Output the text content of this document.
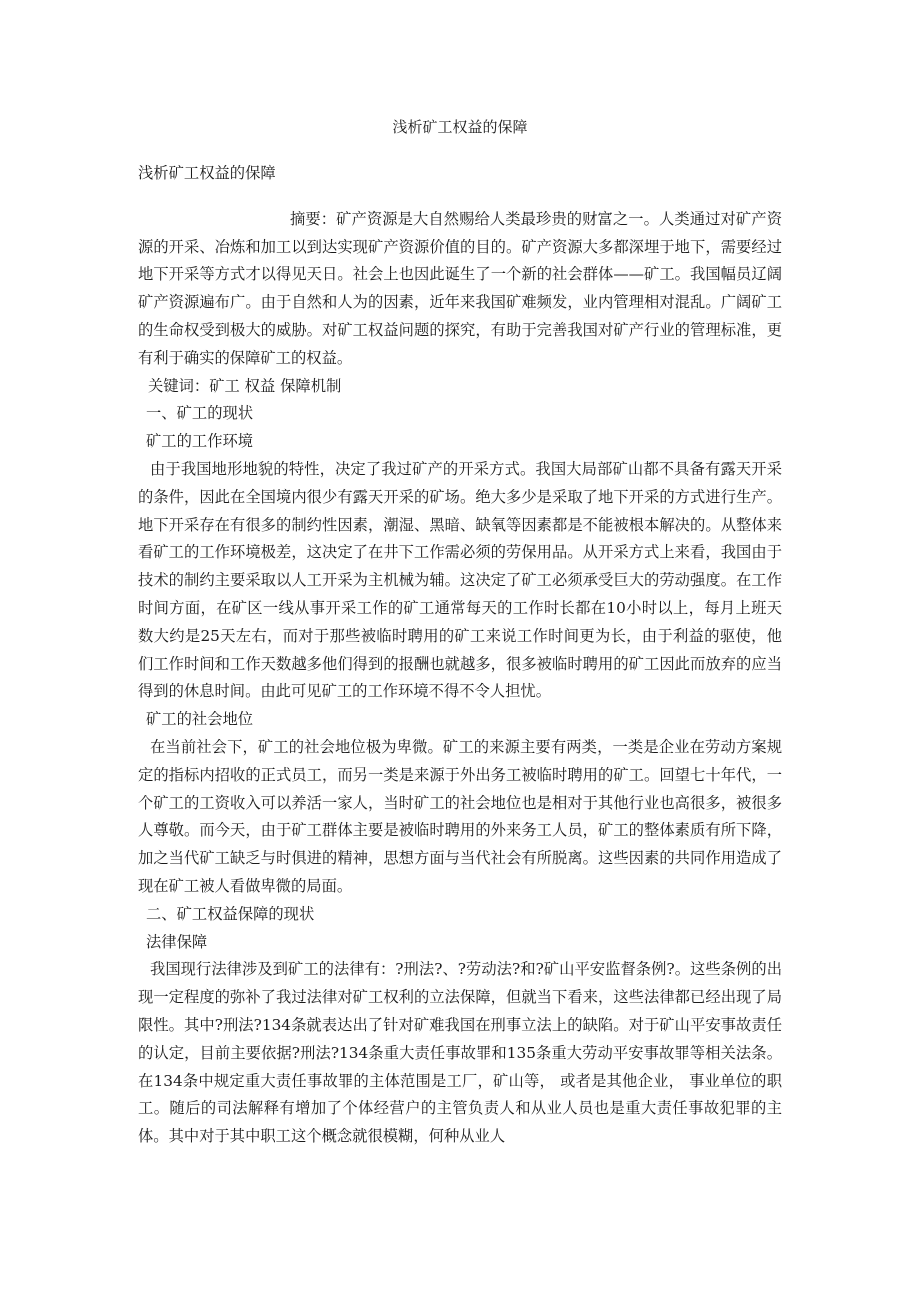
浅析矿工权益的保障

浅析矿工权益的保障

摘要：矿产资源是大自然赐给人类最珍贵的财富之一。人类通过对矿产资源的开采、冶炼和加工以到达实现矿产资源价值的目的。矿产资源大多都深埋于地下，需要经过地下开采等方式才以得见天日。社会上也因此诞生了一个新的社会群体——矿工。我国幅员辽阔矿产资源遍布广。由于自然和人为的因素，近年来我国矿难频发，业内管理相对混乱。广阔矿工的生命权受到极大的威胁。对矿工权益问题的探究，有助于完善我国对矿产行业的管理标准，更有利于确实的保障矿工的权益。

关键词：矿工 权益 保障机制

一、矿工的现状

矿工的工作环境

由于我国地形地貌的特性，决定了我过矿产的开采方式。我国大局部矿山都不具备有露天开采的条件，因此在全国境内很少有露天开采的矿场。绝大多少是采取了地下开采的方式进行生产。地下开采存在有很多的制约性因素，潮湿、黑暗、缺氧等因素都是不能被根本解决的。从整体来看矿工的工作环境极差，这决定了在井下工作需必须的劳保用品。从开采方式上来看，我国由于技术的制约主要采取以人工开采为主机械为辅。这决定了矿工必须承受巨大的劳动强度。在工作时间方面，在矿区一线从事开采工作的矿工通常每天的工作时长都在10小时以上，每月上班天数大约是25天左右，而对于那些被临时聘用的矿工来说工作时间更为长，由于利益的驱使，他们工作时间和工作天数越多他们得到的报酬也就越多，很多被临时聘用的矿工因此而放弃的应当得到的休息时间。由此可见矿工的工作环境不得不令人担忧。

矿工的社会地位

在当前社会下，矿工的社会地位极为卑微。矿工的来源主要有两类，一类是企业在劳动方案规定的指标内招收的正式员工，而另一类是来源于外出务工被临时聘用的矿工。回望七十年代，一个矿工的工资收入可以养活一家人，当时矿工的社会地位也是相对于其他行业也高很多，被很多人尊敬。而今天，由于矿工群体主要是被临时聘用的外来务工人员，矿工的整体素质有所下降，加之当代矿工缺乏与时俱进的精神，思想方面与当代社会有所脱离。这些因素的共同作用造成了现在矿工被人看做卑微的局面。

二、矿工权益保障的现状

法律保障

我国现行法律涉及到矿工的法律有：?刑法?、?劳动法?和?矿山平安监督条例?。这些条例的出现一定程度的弥补了我过法律对矿工权利的立法保障，但就当下看来，这些法律都已经出现了局限性。其中?刑法?134条就表达出了针对矿难我国在刑事立法上的缺陷。对于矿山平安事故责任的认定，目前主要依据?刑法?134条重大责任事故罪和135条重大劳动平安事故罪等相关法条。在134条中规定重大责任事故罪的主体范围是工厂，矿山等， 或者是其他企业， 事业单位的职工。随后的司法解释有增加了个体经营户的主管负责人和从业人员也是重大责任事故犯罪的主体。其中对于其中职工这个概念就很模糊，何种从业人
